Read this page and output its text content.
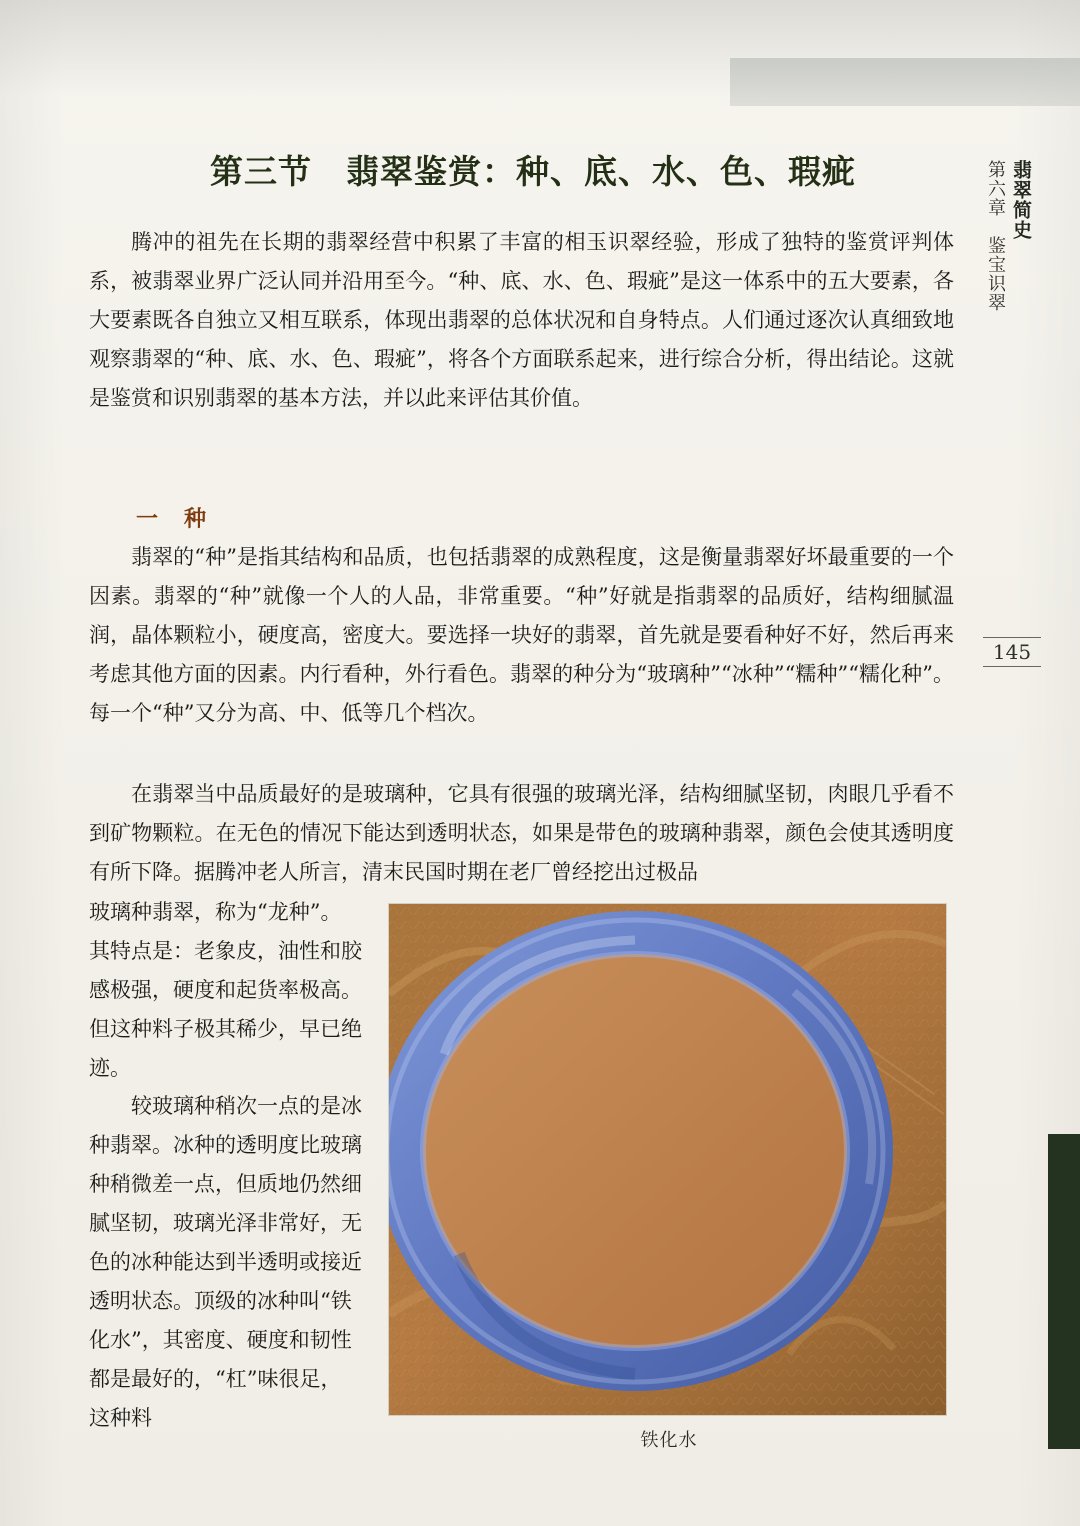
第三节　翡翠鉴赏：种、底、水、色、瑕疵	第六章　鉴宝识翠 翡翠简史
145

腾冲的祖先在长期的翡翠经营中积累了丰富的相玉识翠经验，形成了独特的鉴赏评判体系，被翡翠业界广泛认同并沿用至今。“种、底、水、色、瑕疵”是这一体系中的五大要素，各大要素既各自独立又相互联系，体现出翡翠的总体状况和自身特点。人们通过逐次认真细致地观察翡翠的“种、底、水、色、瑕疵”，将各个方面联系起来，进行综合分析，得出结论。这就是鉴赏和识别翡翠的基本方法，并以此来评估其价值。

一　种

翡翠的“种”是指其结构和品质，也包括翡翠的成熟程度，这是衡量翡翠好坏最重要的一个因素。翡翠的“种”就像一个人的人品，非常重要。“种”好就是指翡翠的品质好，结构细腻温润，晶体颗粒小，硬度高，密度大。要选择一块好的翡翠，首先就是要看种好不好，然后再来考虑其他方面的因素。内行看种，外行看色。翡翠的种分为“玻璃种”“冰种”“糯种”“糯化种”。每一个“种”又分为高、中、低等几个档次。

在翡翠当中品质最好的是玻璃种，它具有很强的玻璃光泽，结构细腻坚韧，肉眼几乎看不到矿物颗粒。在无色的情况下能达到透明状态，如果是带色的玻璃种翡翠，颜色会使其透明度有所下降。据腾冲老人所言，清末民国时期在老厂曾经挖出过极品

玻璃种翡翠，称为“龙种”。其特点是：老象皮，油性和胶感极强，硬度和起货率极高。但这种料子极其稀少，早已绝迹。

较玻璃种稍次一点的是冰种翡翠。冰种的透明度比玻璃种稍微差一点，但质地仍然细腻坚韧，玻璃光泽非常好，无色的冰种能达到半透明或接近透明状态。顶级的冰种叫“铁化水”，其密度、硬度和韧性都是最好的，“杠”味很足，这种料

铁化水
